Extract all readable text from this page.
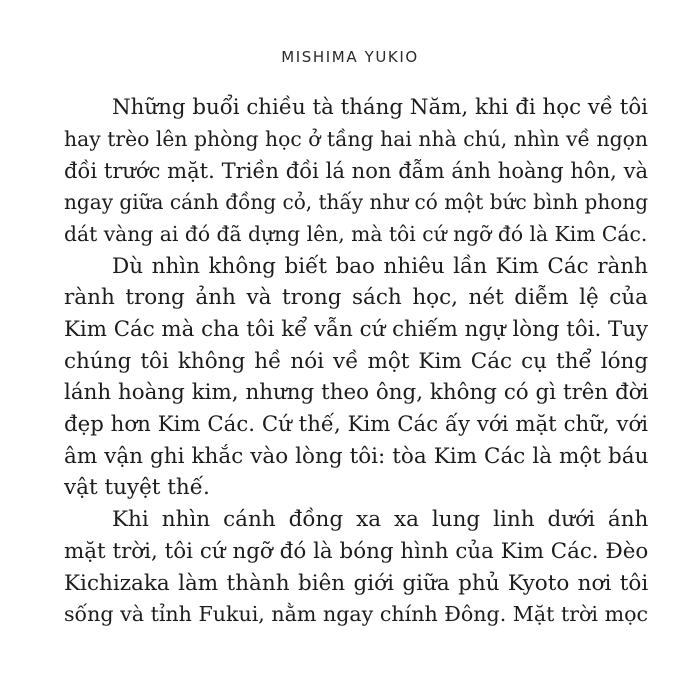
MISHIMA YUKIO
Những buổi chiều tà tháng Năm, khi đi học về tôi
hay trèo lên phòng học ở tầng hai nhà chú, nhìn về ngọn
đồi trước mặt. Triền đồi lá non đẫm ánh hoàng hôn, và
ngay giữa cánh đồng cỏ, thấy như có một bức bình phong
dát vàng ai đó đã dựng lên, mà tôi cứ ngỡ đó là Kim Các.
Dù nhìn không biết bao nhiêu lần Kim Các rành
rành trong ảnh và trong sách học, nét diễm lệ của
Kim Các mà cha tôi kể vẫn cứ chiếm ngự lòng tôi. Tuy
chúng tôi không hề nói về một Kim Các cụ thể lóng
lánh hoàng kim, nhưng theo ông, không có gì trên đời
đẹp hơn Kim Các. Cứ thế, Kim Các ấy với mặt chữ, với
âm vận ghi khắc vào lòng tôi: tòa Kim Các là một báu
vật tuyệt thế.
Khi nhìn cánh đồng xa xa lung linh dưới ánh
mặt trời, tôi cứ ngỡ đó là bóng hình của Kim Các. Đèo
Kichizaka làm thành biên giới giữa phủ Kyoto nơi tôi
sống và tỉnh Fukui, nằm ngay chính Đông. Mặt trời mọc
